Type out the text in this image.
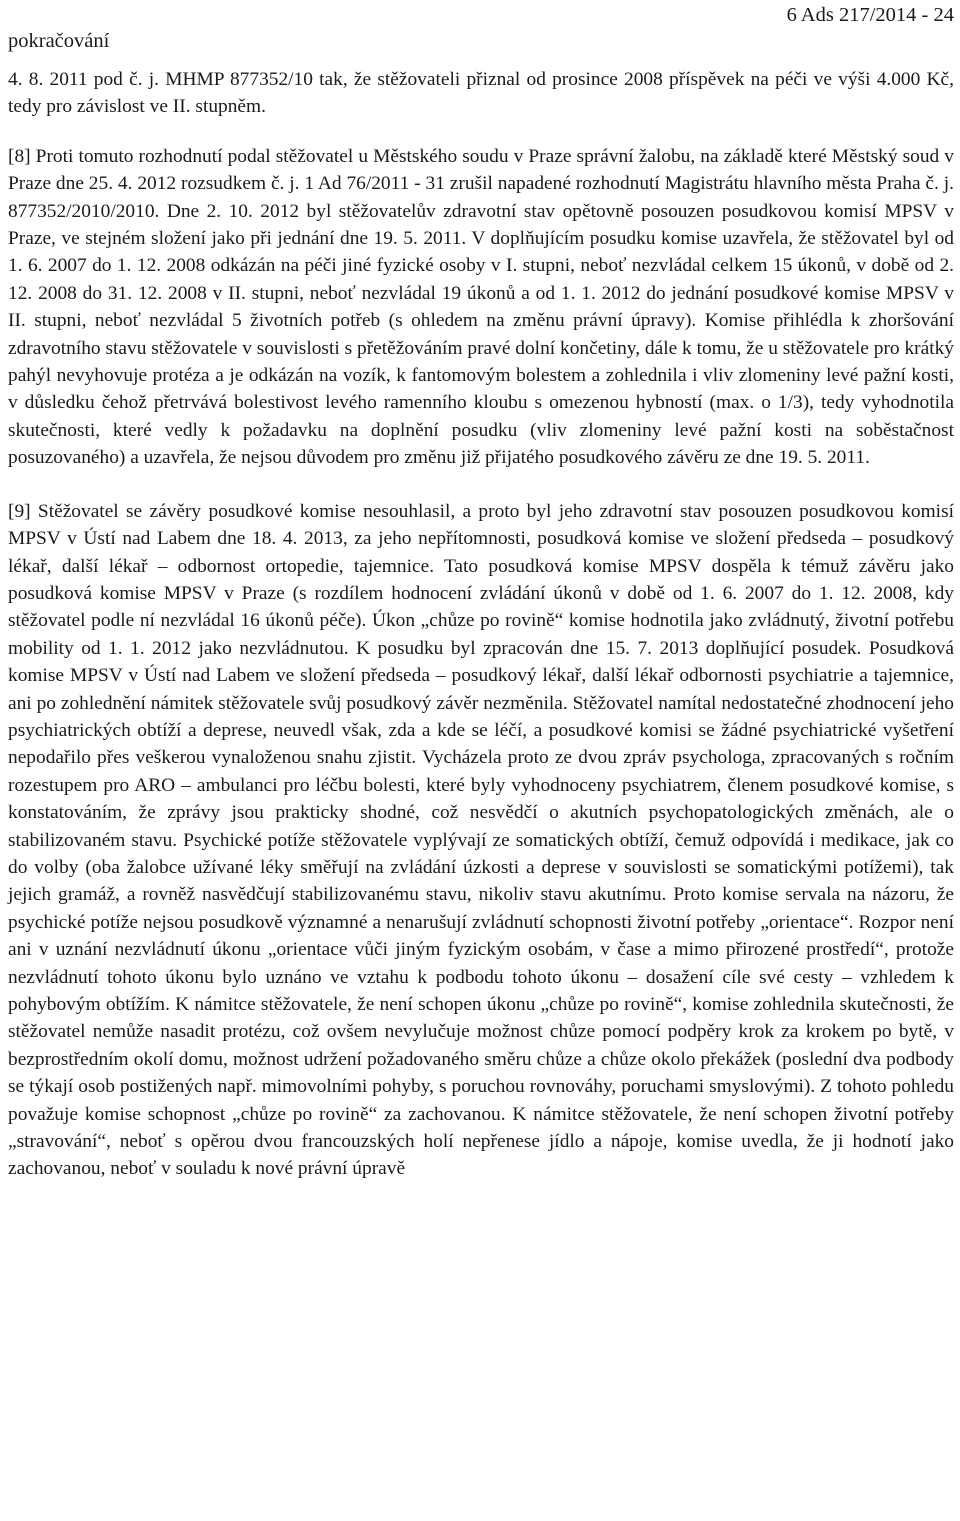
pokračování
6 Ads 217/2014 - 24

4. 8. 2011 pod č. j. MHMP 877352/10 tak, že stěžovateli přiznal od prosince 2008 příspěvek na péči ve výši 4.000 Kč, tedy pro závislost ve II. stupněm.

[8] Proti tomuto rozhodnutí podal stěžovatel u Městského soudu v Praze správní žalobu, na základě které Městský soud v Praze dne 25. 4. 2012 rozsudkem č. j. 1 Ad 76/2011 - 31 zrušil napadené rozhodnutí Magistrátu hlavního města Praha č. j. 877352/2010/2010. Dne 2. 10. 2012 byl stěžovatelův zdravotní stav opětovně posouzen posudkovou komisí MPSV v Praze, ve stejném složení jako při jednání dne 19. 5. 2011. V doplňujícím posudku komise uzavřela, že stěžovatel byl od 1. 6. 2007 do 1. 12. 2008 odkázán na péči jiné fyzické osoby v I. stupni, neboť nezvládal celkem 15 úkonů, v době od 2. 12. 2008 do 31. 12. 2008 v II. stupni, neboť nezvládal 19 úkonů a od 1. 1. 2012 do jednání posudkové komise MPSV v II. stupni, neboť nezvládal 5 životních potřeb (s ohledem na změnu právní úpravy). Komise přihlédla k zhoršování zdravotního stavu stěžovatele v souvislosti s přetěžováním pravé dolní končetiny, dále k tomu, že u stěžovatele pro krátký pahýl nevyhovuje protéza a je odkázán na vozík, k fantomovým bolestem a zohlednila i vliv zlomeniny levé pažní kosti, v důsledku čehož přetrvává bolestivost levého ramenního kloubu s omezenou hybností (max. o 1/3), tedy vyhodnotila skutečnosti, které vedly k požadavku na doplnění posudku (vliv zlomeniny levé pažní kosti na soběstačnost posuzovaného) a uzavřela, že nejsou důvodem pro změnu již přijatého posudkového závěru ze dne 19. 5. 2011.

[9] Stěžovatel se závěry posudkové komise nesouhlasil, a proto byl jeho zdravotní stav posouzen posudkovou komisí MPSV v Ústí nad Labem dne 18. 4. 2013, za jeho nepřítomnosti, posudková komise ve složení předseda – posudkový lékař, další lékař – odbornost ortopedie, tajemnice. Tato posudková komise MPSV dospěla k témuž závěru jako posudková komise MPSV v Praze (s rozdílem hodnocení zvládání úkonů v době od 1. 6. 2007 do 1. 12. 2008, kdy stěžovatel podle ní nezvládal 16 úkonů péče). Úkon „chůze po rovině“ komise hodnotila jako zvládnutý, životní potřebu mobility od 1. 1. 2012 jako nezvládnutou. K posudku byl zpracován dne 15. 7. 2013 doplňující posudek. Posudková komise MPSV v Ústí nad Labem ve složení předseda – posudkový lékař, další lékař odbornosti psychiatrie a tajemnice, ani po zohlednění námitek stěžovatele svůj posudkový závěr nezměnila. Stěžovatel namítal nedostatečné zhodnocení jeho psychiatrických obtíží a deprese, neuvedl však, zda a kde se léčí, a posudkové komisi se žádné psychiatrické vyšetření nepodařilo přes veškerou vynaloženou snahu zjistit. Vycházela proto ze dvou zpráv psychologa, zpracovaných s ročním rozestupem pro ARO – ambulanci pro léčbu bolesti, které byly vyhodnoceny psychiatrem, členem posudkové komise, s konstatováním, že zprávy jsou prakticky shodné, což nesvědčí o akutních psychopatologických změnách, ale o stabilizovaném stavu. Psychické potíže stěžovatele vyplývají ze somatických obtíží, čemuž odpovídá i medikace, jak co do volby (oba žalobce užívané léky směřují na zvládání úzkosti a deprese v souvislosti se somatickými potížemi), tak jejich gramáž, a rovněž nasvědčují stabilizovanému stavu, nikoliv stavu akutnímu. Proto komise servala na názoru, že psychické potíže nejsou posudkově významné a nenarušují zvládnutí schopnosti životní potřeby „orientace“. Rozpor není ani v uznání nezvládnutí úkonu „orientace vůči jiným fyzickým osobám, v čase a mimo přirozené prostředí“, protože nezvládnutí tohoto úkonu bylo uznáno ve vztahu k podbodu tohoto úkonu – dosažení cíle své cesty – vzhledem k pohybovým obtížím. K námitce stěžovatele, že není schopen úkonu „chůze po rovině“, komise zohlednila skutečnosti, že stěžovatel nemůže nasadit protézu, což ovšem nevylučuje možnost chůze pomocí podpěry krok za krokem po bytě, v bezprostředním okolí domu, možnost udržení požadovaného směru chůze a chůze okolo překážek (poslední dva podbody se týkají osob postižených např. mimovolními pohyby, s poruchou rovnováhy, poruchami smyslovými). Z tohoto pohledu považuje komise schopnost „chůze po rovině“ za zachovanou. K námitce stěžovatele, že není schopen životní potřeby „stravování“, neboť s opěrou dvou francouzských holí nepřenese jídlo a nápoje, komise uvedla, že ji hodnotí jako zachovanou, neboť v souladu k nové právní úpravě
